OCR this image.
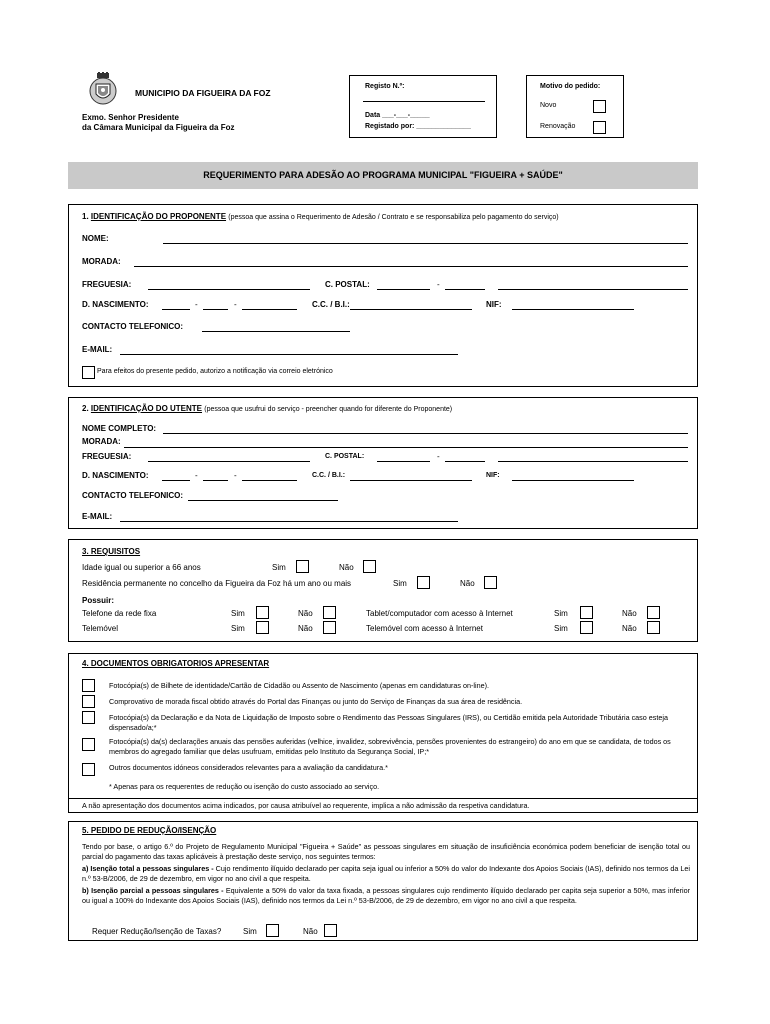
MUNICIPIO DA FIGUEIRA DA FOZ
Exmo. Senhor Presidente
da Câmara Municipal da Figueira da Foz
Registo N.º:
Data ___-___-_____
Registado por: ______________
Motivo do pedido:
Novo
Renovação
REQUERIMENTO PARA ADESÃO AO PROGRAMA MUNICIPAL "FIGUEIRA + SAÚDE"
1. IDENTIFICAÇÃO DO PROPONENTE (pessoa que assina o Requerimento de Adesão / Contrato e se responsabiliza pelo pagamento do serviço)
NOME:
MORADA:
FREGUESIA:	C. POSTAL:	-
D. NASCIMENTO:	-	-	C.C. / B.I.:	NIF:
CONTACTO TELEFONICO:
E-MAIL:
Para efeitos do presente pedido, autorizo a notificação via correio eletrónico
2. IDENTIFICAÇÃO DO UTENTE (pessoa que usufrui do serviço - preencher quando for diferente do Proponente)
NOME COMPLETO:
MORADA:
FREGUESIA:	C. POSTAL:	-
D. NASCIMENTO:	-	-	C.C. / B.I.:	NIF:
CONTACTO TELEFONICO:
E-MAIL:
3. REQUISITOS
Idade igual ou superior a 66 anos	Sim	Não
Residência permanente no concelho da Figueira da Foz há um ano ou mais	Sim	Não
Possuir:
Telefone da rede fixa	Sim	Não
Telemóvel	Sim	Não
Tablet/computador com acesso à Internet	Sim	Não
Telemóvel com acesso à Internet	Sim	Não
4. DOCUMENTOS OBRIGATORIOS APRESENTAR
Fotocópia(s) de Bilhete de identidade/Cartão de Cidadão ou Assento de Nascimento (apenas em candidaturas on-line).
Comprovativo de morada fiscal obtido através do Portal das Finanças ou junto do Serviço de Finanças da sua área de residência.
Fotocópia(s) da Declaração e da Nota de Liquidação de Imposto sobre o Rendimento das Pessoas Singulares (IRS), ou Certidão emitida pela Autoridade Tributária caso esteja dispensado/a;*
Fotocópia(s) da(s) declarações anuais das pensões auferidas (velhice, invalidez, sobrevivência, pensões provenientes do estrangeiro) do ano em que se candidata, de todos os membros do agregado familiar que delas usufruam, emitidas pelo Instituto da Segurança Social, IP;*
Outros documentos idóneos considerados relevantes para a avaliação da candidatura.*
* Apenas para os requerentes de redução ou isenção do custo associado ao serviço.
A não apresentação dos documentos acima indicados, por causa atribuível ao requerente, implica a não admissão da respetiva candidatura.
5. PEDIDO DE REDUÇÃO/ISENÇÃO
Tendo por base, o artigo 6.º do Projeto de Regulamento Municipal "Figueira + Saúde" as pessoas singulares em situação de insuficiência económica podem beneficiar de isenção total ou parcial do pagamento das taxas aplicáveis à prestação deste serviço, nos seguintes termos:
a) Isenção total a pessoas singulares - Cujo rendimento ilíquido declarado per capita seja igual ou inferior a 50% do valor do Indexante dos Apoios Sociais (IAS), definido nos termos da Lei n.º 53-B/2006, de 29 de dezembro, em vigor no ano civil a que respeita.
b) Isenção parcial a pessoas singulares - Equivalente a 50% do valor da taxa fixada, a pessoas singulares cujo rendimento ilíquido declarado per capita seja superior a 50%, mas inferior ou igual a 100% do Indexante dos Apoios Sociais (IAS), definido nos termos da Lei n.º 53-B/2006, de 29 de dezembro, em vigor no ano civil a que respeita.
Requer Redução/Isenção de Taxas?	Sim	Não
